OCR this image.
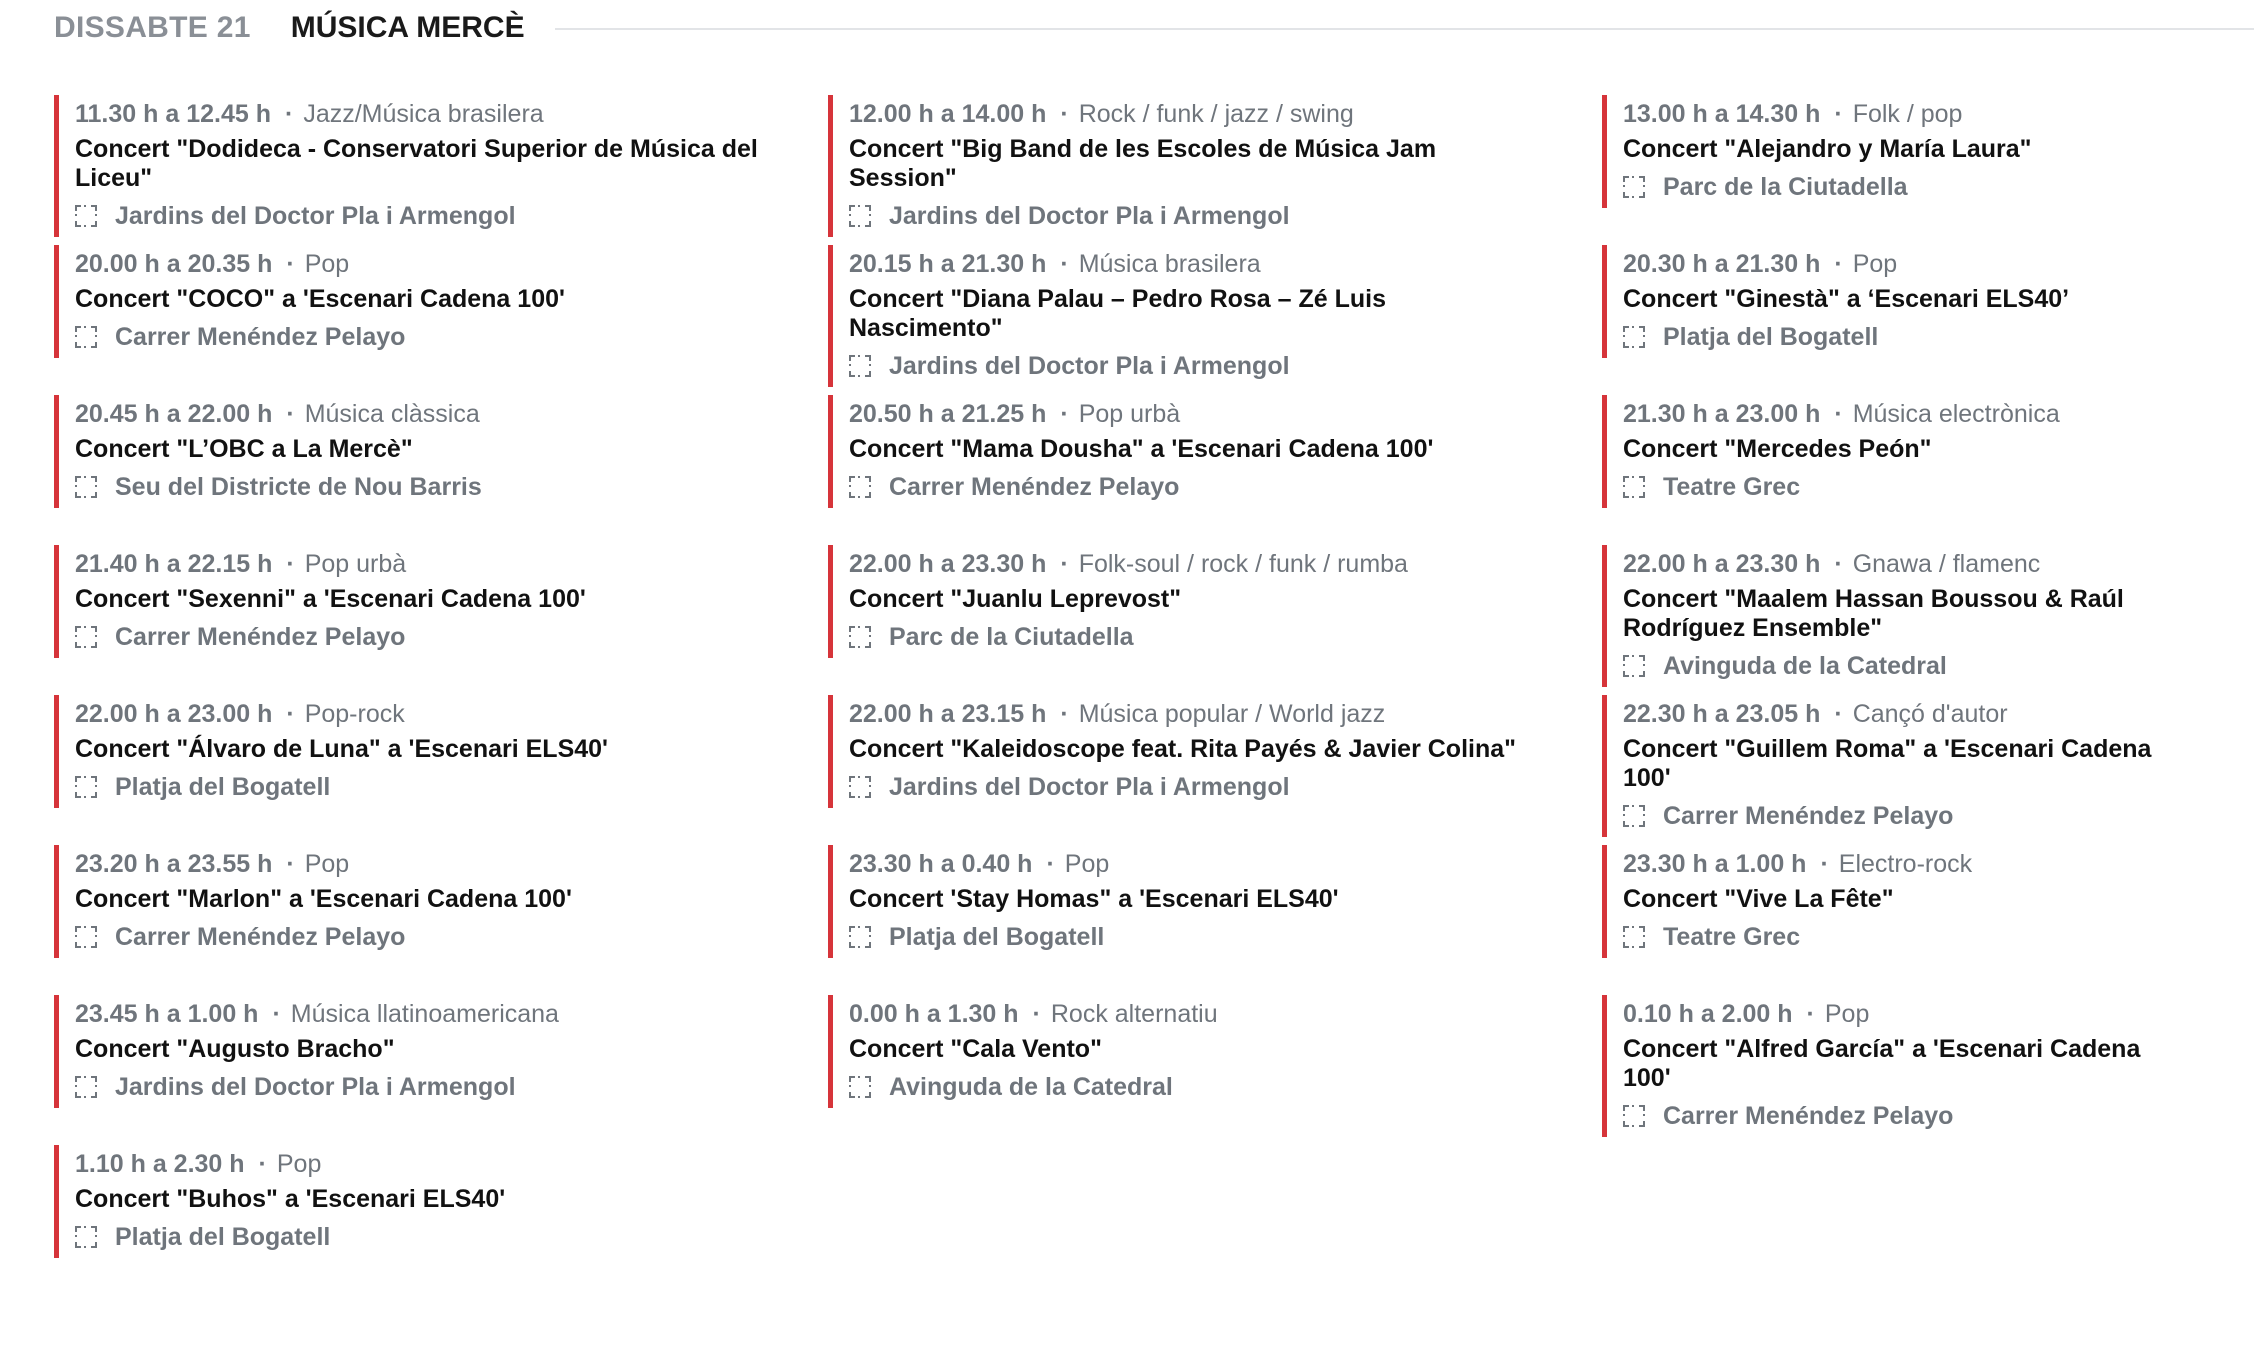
DISSABTE 21 MÚSICA MERCÈ
11.30 h a 12.45 h · Jazz/Música brasilera
Concert "Dodideca - Conservatori Superior de Música del Liceu"
Jardins del Doctor Pla i Armengol
12.00 h a 14.00 h · Rock / funk / jazz / swing
Concert "Big Band de les Escoles de Música Jam Session"
Jardins del Doctor Pla i Armengol
13.00 h a 14.30 h · Folk / pop
Concert "Alejandro y María Laura"
Parc de la Ciutadella
20.00 h a 20.35 h · Pop
Concert "COCO" a 'Escenari Cadena 100'
Carrer Menéndez Pelayo
20.15 h a 21.30 h · Música brasilera
Concert "Diana Palau – Pedro Rosa – Zé Luis Nascimento"
Jardins del Doctor Pla i Armengol
20.30 h a 21.30 h · Pop
Concert "Ginestà" a ‘Escenari ELS40’
Platja del Bogatell
20.45 h a 22.00 h · Música clàssica
Concert "L’OBC a La Mercè"
Seu del Districte de Nou Barris
20.50 h a 21.25 h · Pop urbà
Concert "Mama Dousha" a 'Escenari Cadena 100'
Carrer Menéndez Pelayo
21.30 h a 23.00 h · Música electrònica
Concert "Mercedes Peón"
Teatre Grec
21.40 h a 22.15 h · Pop urbà
Concert "Sexenni" a 'Escenari Cadena 100'
Carrer Menéndez Pelayo
22.00 h a 23.30 h · Folk-soul / rock / funk / rumba
Concert "Juanlu Leprevost"
Parc de la Ciutadella
22.00 h a 23.30 h · Gnawa / flamenc
Concert "Maalem Hassan Boussou & Raúl Rodríguez Ensemble"
Avinguda de la Catedral
22.00 h a 23.00 h · Pop-rock
Concert "Álvaro de Luna" a 'Escenari ELS40'
Platja del Bogatell
22.00 h a 23.15 h · Música popular / World jazz
Concert "Kaleidoscope feat. Rita Payés & Javier Colina"
Jardins del Doctor Pla i Armengol
22.30 h a 23.05 h · Cançó d'autor
Concert "Guillem Roma" a 'Escenari Cadena 100'
Carrer Menéndez Pelayo
23.20 h a 23.55 h · Pop
Concert "Marlon" a 'Escenari Cadena 100'
Carrer Menéndez Pelayo
23.30 h a 0.40 h · Pop
Concert 'Stay Homas" a 'Escenari ELS40'
Platja del Bogatell
23.30 h a 1.00 h · Electro-rock
Concert "Vive La Fête"
Teatre Grec
23.45 h a 1.00 h · Música llatinoamericana
Concert "Augusto Bracho"
Jardins del Doctor Pla i Armengol
0.00 h a 1.30 h · Rock alternatiu
Concert "Cala Vento"
Avinguda de la Catedral
0.10 h a 2.00 h · Pop
Concert "Alfred García" a 'Escenari Cadena 100'
Carrer Menéndez Pelayo
1.10 h a 2.30 h · Pop
Concert "Buhos" a 'Escenari ELS40'
Platja del Bogatell
